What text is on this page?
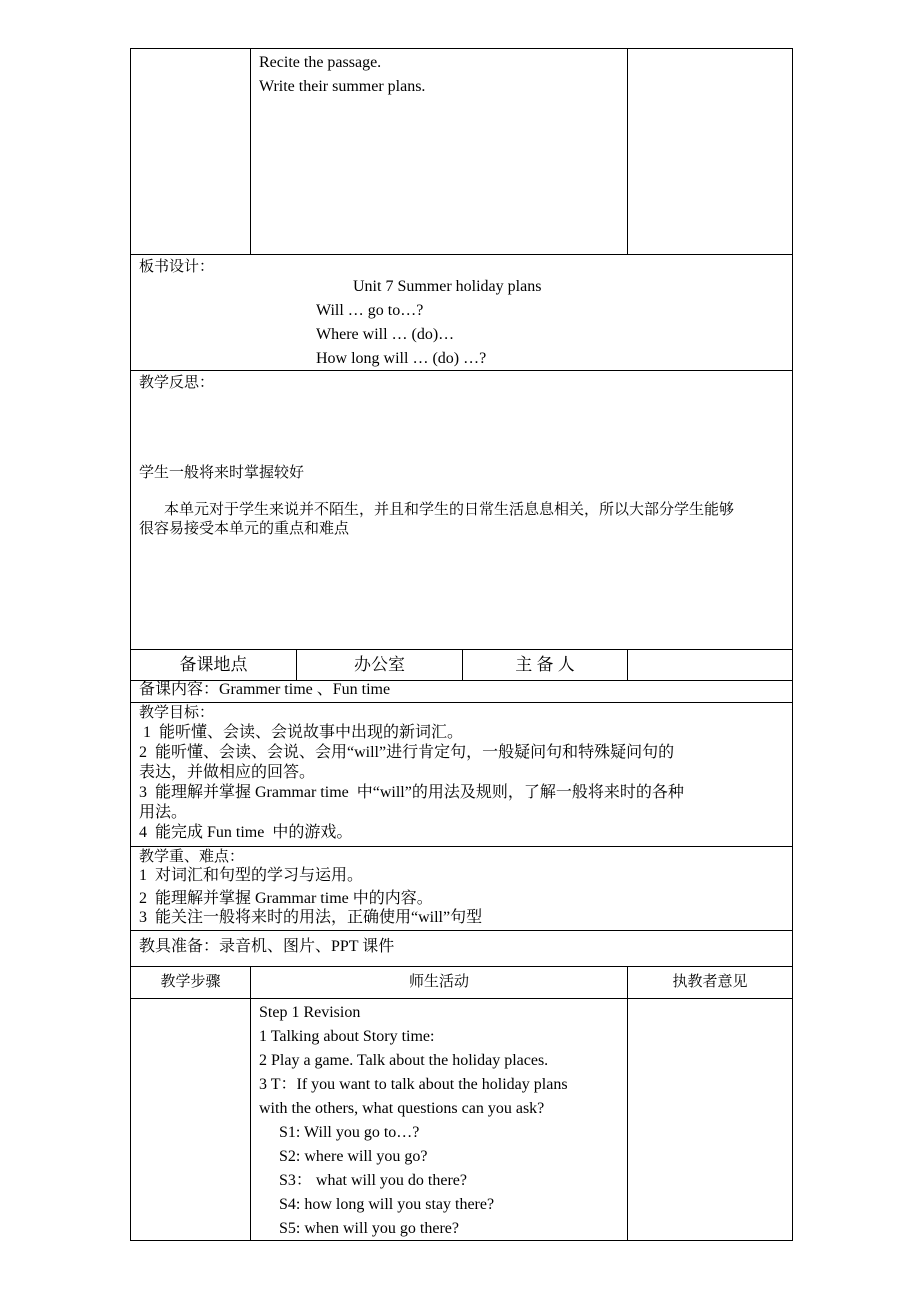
Recite the passage.
Write their summer plans.
板书设计：
Unit 7 Summer holiday plans
Will … go to…?
Where will … (do)…
How long will … (do) …?
教学反思：
学生一般将来时掌握较好
本单元对于学生来说并不陌生，并且和学生的日常生活息息相关，所以大部分学生能够
很容易接受本单元的重点和难点
备课地点	办公室	主 备 人
备课内容：Grammer time 、Fun time
教学目标：
1  能听懂、会读、会说故事中出现的新词汇。
2  能听懂、会读、会说、会用“will”进行肯定句，一般疑问句和特殊疑问句的
表达，并做相应的回答。
3  能理解并掌握 Grammar time  中“will”的用法及规则，了解一般将来时的各种
用法。
4  能完成 Fun time  中的游戏。
教学重、难点：
1  对词汇和句型的学习与运用。
2  能理解并掌握 Grammar time 中的内容。
3  能关注一般将来时的用法，正确使用“will”句型
教具准备：录音机、图片、PPT 课件
教学步骤	师生活动	执教者意见
Step 1 Revision
1 Talking about Story time:
2 Play a game. Talk about the holiday places.
3 T：If you want to talk about the holiday plans
with the others, what questions can you ask?
S1: Will you go to…?
S2: where will you go?
S3： what will you do there?
S4: how long will you stay there?
S5: when will you go there?
